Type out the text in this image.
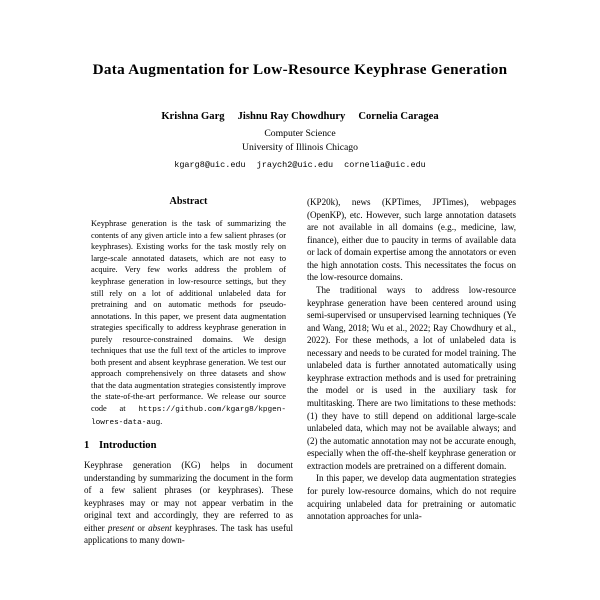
Data Augmentation for Low-Resource Keyphrase Generation
Krishna Garg Jishnu Ray Chowdhury Cornelia Caragea
Computer Science
University of Illinois Chicago
kgarg8@uic.edu jraych2@uic.edu cornelia@uic.edu
Abstract

Keyphrase generation is the task of summarizing the contents of any given article into a few salient phrases (or keyphrases). Existing works for the task mostly rely on large-scale annotated datasets, which are not easy to acquire. Very few works address the problem of keyphrase generation in low-resource settings, but they still rely on a lot of additional unlabeled data for pretraining and on automatic methods for pseudo-annotations. In this paper, we present data augmentation strategies specifically to address keyphrase generation in purely resource-constrained domains. We design techniques that use the full text of the articles to improve both present and absent keyphrase generation. We test our approach comprehensively on three datasets and show that the data augmentation strategies consistently improve the state-of-the-art performance. We release our source code at https://github.com/kgarg8/kpgen-lowres-data-aug.

1 Introduction

Keyphrase generation (KG) helps in document understanding by summarizing the document in the form of a few salient phrases (or keyphrases). These keyphrases may or may not appear verbatim in the original text and accordingly, they are referred to as either present or absent keyphrases. The task has useful applications to many down-

(KP20k), news (KPTimes, JPTimes), webpages (OpenKP), etc. However, such large annotation datasets are not available in all domains (e.g., medicine, law, finance), either due to paucity in terms of available data or lack of domain expertise among the annotators or even the high annotation costs. This necessitates the focus on the low-resource domains.

The traditional ways to address low-resource keyphrase generation have been centered around using semi-supervised or unsupervised learning techniques (Ye and Wang, 2018; Wu et al., 2022; Ray Chowdhury et al., 2022). For these methods, a lot of unlabeled data is necessary and needs to be curated for model training. The unlabeled data is further annotated automatically using keyphrase extraction methods and is used for pretraining the model or is used in the auxiliary task for multitasking. There are two limitations to these methods: (1) they have to still depend on additional large-scale unlabeled data, which may not be available always; and (2) the automatic annotation may not be accurate enough, especially when the off-the-shelf keyphrase generation or extraction models are pretrained on a different domain.

In this paper, we develop data augmentation strategies for purely low-resource domains, which do not require acquiring unlabeled data for pretraining or automatic annotation approaches for unla-
